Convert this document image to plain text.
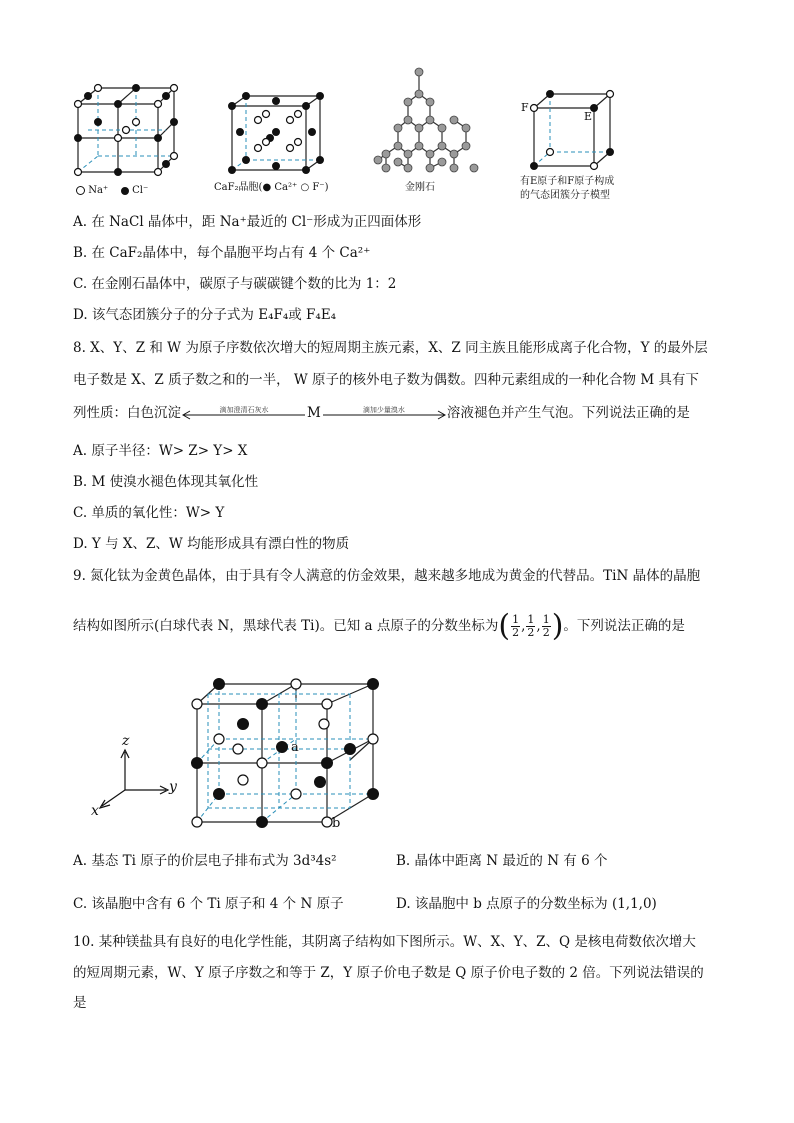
Na⁺ Cl⁻	CaF₂晶胞(● Ca²⁺ ○ F⁻)	金刚石
F
E
有E原子和F原子构成
的气态团簇分子模型
A. 在 NaCl 晶体中，距 Na⁺最近的 Cl⁻形成为正四面体形
B. 在 CaF₂晶体中，每个晶胞平均占有 4 个 Ca²⁺
C. 在金刚石晶体中，碳原子与碳碳键个数的比为 1：2
D. 该气态团簇分子的分子式为 E₄F₄或 F₄E₄
8. X、Y、Z 和 W 为原子序数依次增大的短周期主族元素，X、Z 同主族且能形成离子化合物，Y 的最外层
电子数是 X、Z 质子数之和的一半， W 原子的核外电子数为偶数。四种元素组成的一种化合物 M 具有下
列性质：白色沉淀	滴加澄清石灰水	M	滴加少量溴水	溶液褪色并产生气泡。下列说法正确的是
A. 原子半径：W> Z> Y> X
B. M 使溴水褪色体现其氧化性
C. 单质的氧化性：W> Y
D. Y 与 X、Z、W 均能形成具有漂白性的物质
9. 氮化钛为金黄色晶体，由于具有令人满意的仿金效果，越来越多地成为黄金的代替品。TiN 晶体的晶胞
结构如图所示(白球代表 N，黑球代表 Ti)。已知 a 点原子的分数坐标为( $\frac{1}{2}$ , $\frac{1}{2}$ , $\frac{1}{2}$ )。下列说法正确的是
a
b
z
y
x
A. 基态 Ti 原子的价层电子排布式为 3d³4s²	B. 晶体中距离 N 最近的 N 有 6 个
C. 该晶胞中含有 6 个 Ti 原子和 4 个 N 原子	D. 该晶胞中 b 点原子的分数坐标为 (1,1,0)
10. 某种镁盐具有良好的电化学性能，其阴离子结构如下图所示。W、X、Y、Z、Q 是核电荷数依次增大
的短周期元素，W、Y 原子序数之和等于 Z，Y 原子价电子数是 Q 原子价电子数的 2 倍。下列说法错误的
是
